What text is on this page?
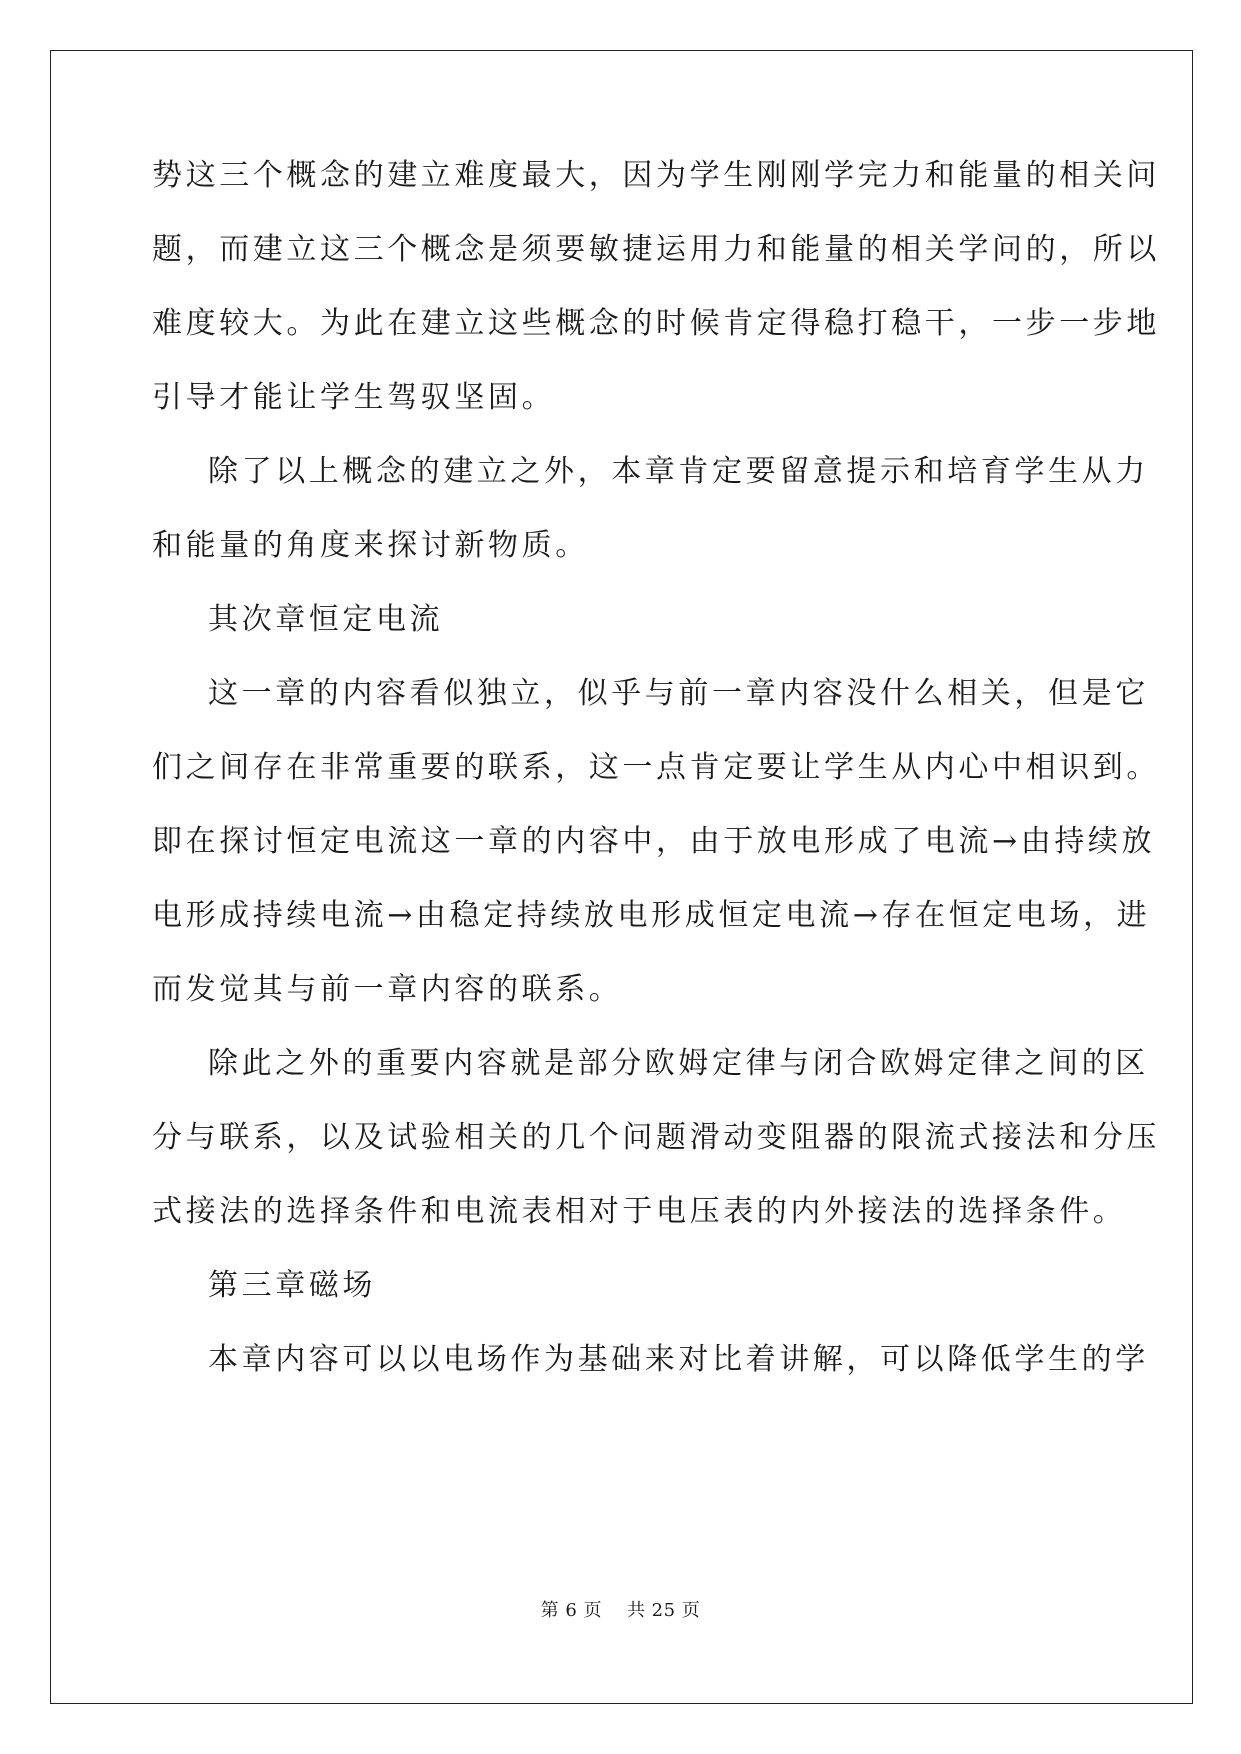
势这三个概念的建立难度最大，因为学生刚刚学完力和能量的相关问
题，而建立这三个概念是须要敏捷运用力和能量的相关学问的，所以
难度较大。为此在建立这些概念的时候肯定得稳打稳干，一步一步地
引导才能让学生驾驭坚固。
除了以上概念的建立之外，本章肯定要留意提示和培育学生从力
和能量的角度来探讨新物质。
其次章恒定电流
这一章的内容看似独立，似乎与前一章内容没什么相关，但是它
们之间存在非常重要的联系，这一点肯定要让学生从内心中相识到。
即在探讨恒定电流这一章的内容中，由于放电形成了电流→由持续放
电形成持续电流→由稳定持续放电形成恒定电流→存在恒定电场，进
而发觉其与前一章内容的联系。
除此之外的重要内容就是部分欧姆定律与闭合欧姆定律之间的区
分与联系，以及试验相关的几个问题滑动变阻器的限流式接法和分压
式接法的选择条件和电流表相对于电压表的内外接法的选择条件。
第三章磁场
本章内容可以以电场作为基础来对比着讲解，可以降低学生的学
第 6 页    共 25 页
